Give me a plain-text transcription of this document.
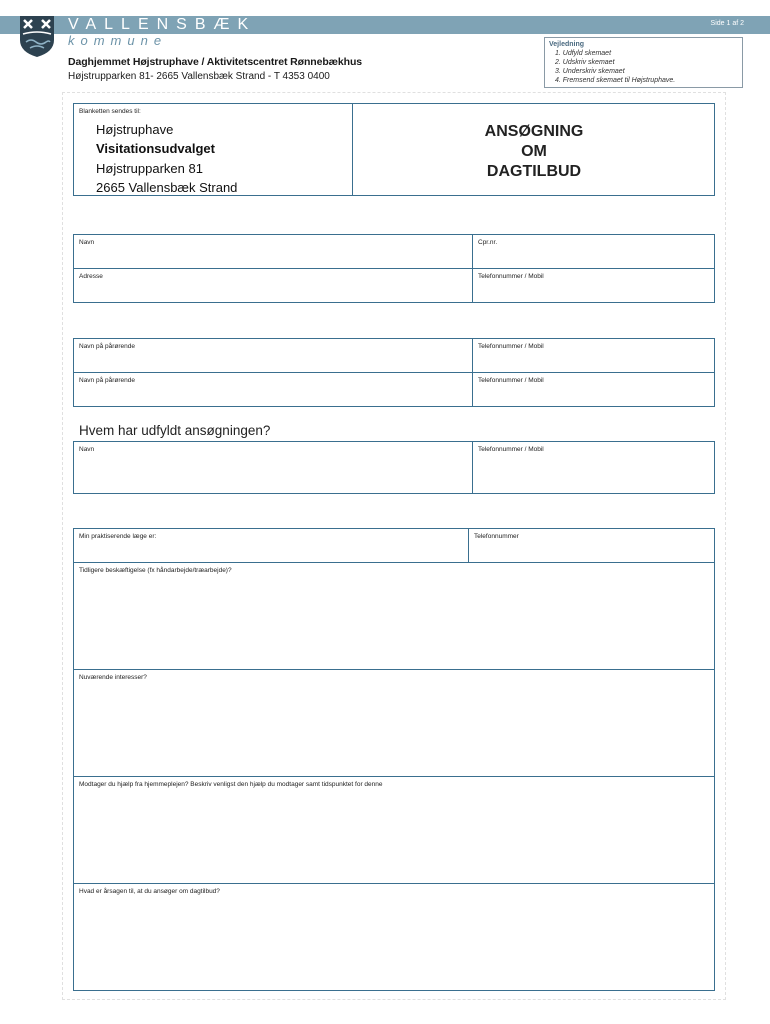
VALLENSBÆK
kommune
Side 1 af 2
Daghjemmet Højstruphave / Aktivitetscentret Rønnebækhus
Højstrupparken 81- 2665 Vallensbæk Strand - T 4353 0400
Vejledning
1. Udfyld skemaet
2. Udskriv skemaet
3. Underskriv skemaet
4. Fremsend skemaet til Højstruphave.
Blanketten sendes til:
Højstruphave
Visitationsudvalget
Højstrupparken 81
2665 Vallensbæk Strand
ANSØGNING
OM
DAGTILBUD
Navn	Cpr.nr.
Adresse	Telefonnummer / Mobil
Navn på pårørende	Telefonnummer / Mobil
Navn på pårørende	Telefonnummer / Mobil
Hvem har udfyldt ansøgningen?
Navn	Telefonnummer / Mobil
Min praktiserende læge er:	Telefonnummer
Tidligere beskæftigelse (fx håndarbejde/træarbejde)?
Nuværende interesser?
Modtager du hjælp fra hjemmeplejen? Beskriv venligst den hjælp du modtager samt tidspunktet for denne
Hvad er årsagen til, at du ansøger om dagtilbud?
